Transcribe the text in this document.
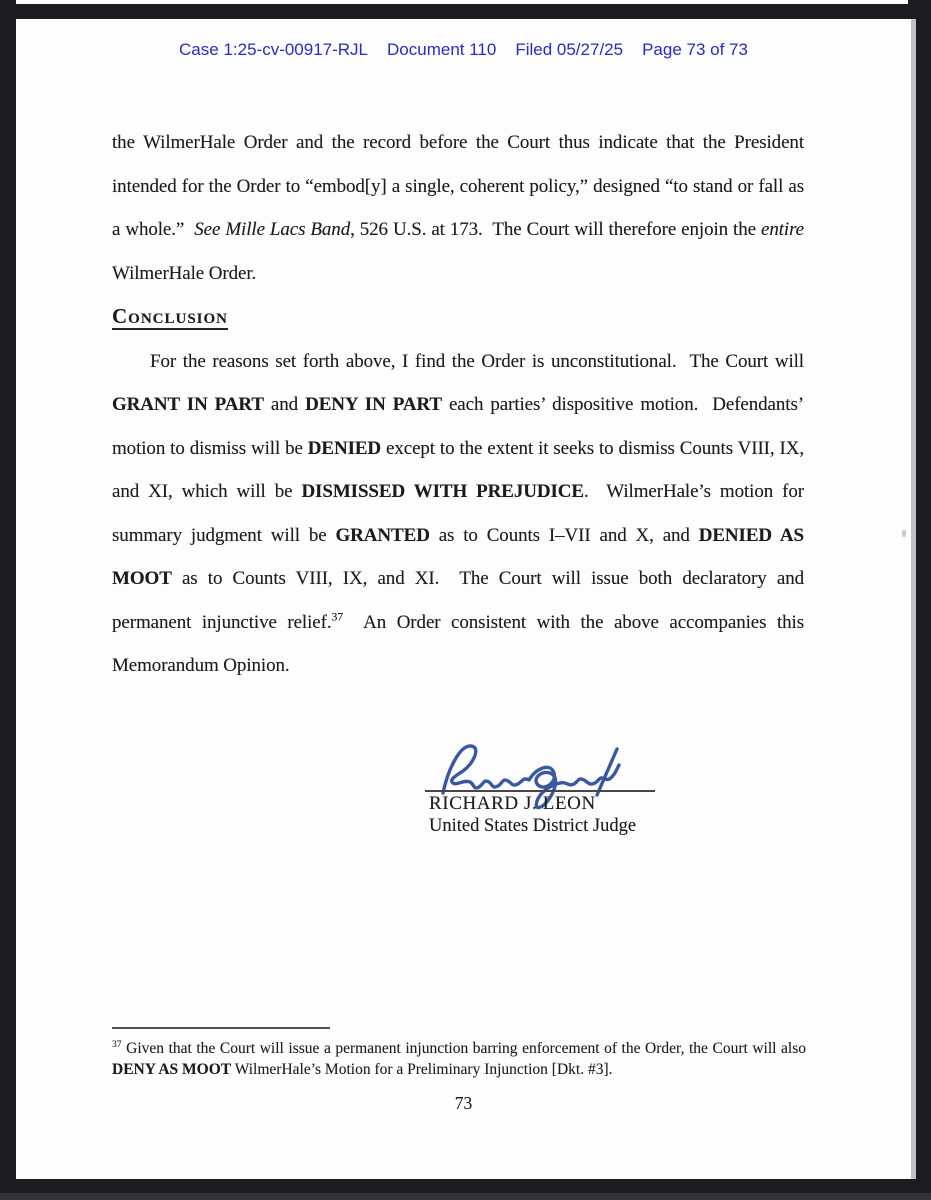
Case 1:25-cv-00917-RJL Document 110 Filed 05/27/25 Page 73 of 73

the WilmerHale Order and the record before the Court thus indicate that the President intended for the Order to “embod[y] a single, coherent policy,” designed “to stand or fall as a whole.”  See Mille Lacs Band, 526 U.S. at 173.  The Court will therefore enjoin the entire WilmerHale Order.

Conclusion

For the reasons set forth above, I find the Order is unconstitutional.  The Court will GRANT IN PART and DENY IN PART each parties’ dispositive motion.  Defendants’ motion to dismiss will be DENIED except to the extent it seeks to dismiss Counts VIII, IX, and XI, which will be DISMISSED WITH PREJUDICE.  WilmerHale’s motion for summary judgment will be GRANTED as to Counts I–VII and X, and DENIED AS MOOT as to Counts VIII, IX, and XI.  The Court will issue both declaratory and permanent injunctive relief.$^{37}$  An Order consistent with the above accompanies this Memorandum Opinion.

RICHARD J. LEON
United States District Judge

$^{37}$ Given that the Court will issue a permanent injunction barring enforcement of the Order, the Court will also DENY AS MOOT WilmerHale’s Motion for a Preliminary Injunction [Dkt. #3].

73
